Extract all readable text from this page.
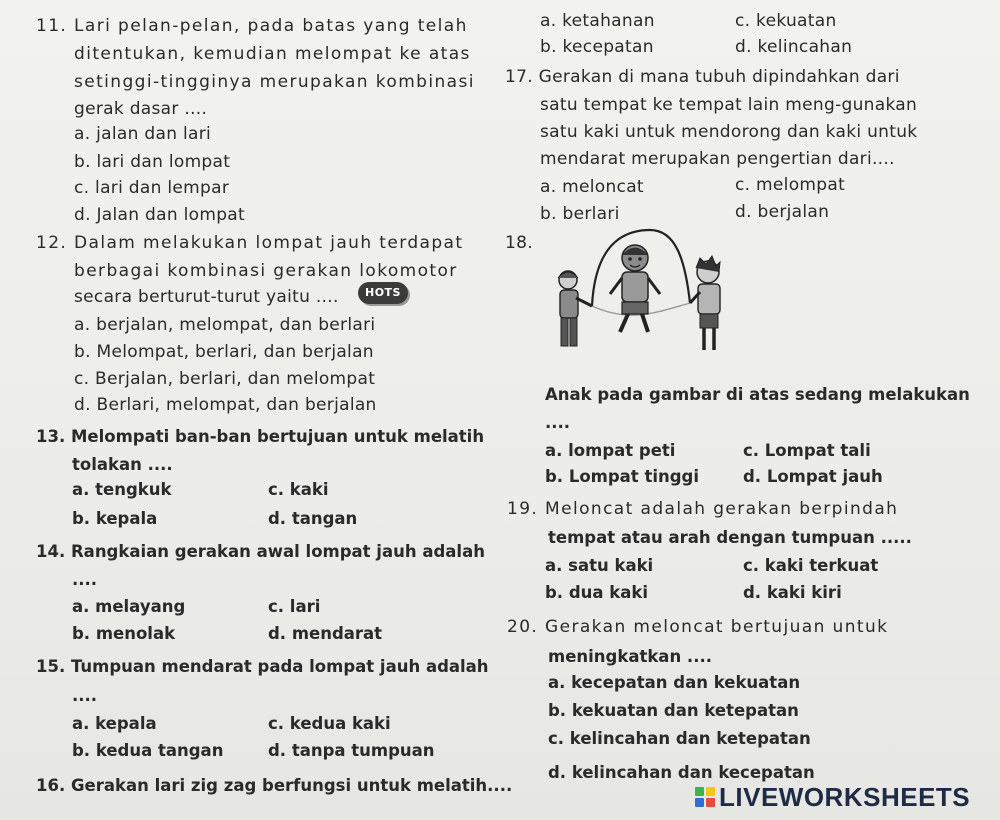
11. Lari pelan-pelan, pada batas yang telah
ditentukan, kemudian melompat ke atas
setinggi-tingginya merupakan kombinasi
gerak dasar ....
a. jalan dan lari
b. lari dan lompat
c. lari dan lempar
d. Jalan dan lompat
12. Dalam melakukan lompat jauh terdapat
berbagai kombinasi gerakan lokomotor
secara berturut-turut yaitu ....	HOTS
a. berjalan, melompat, dan berlari
b. Melompat, berlari, dan berjalan
c. Berjalan, berlari, dan melompat
d. Berlari, melompat, dan berjalan
13. Melompati ban-ban bertujuan untuk melatih
tolakan ....
a. tengkuk	c. kaki
b. kepala	d. tangan
14. Rangkaian gerakan awal lompat jauh adalah
....
a. melayang	c. lari
b. menolak	d. mendarat
15. Tumpuan mendarat pada lompat jauh adalah
....
a. kepala	c. kedua kaki
b. kedua tangan	d. tanpa tumpuan
16. Gerakan lari zig zag berfungsi untuk melatih....
a. ketahanan	c. kekuatan
b. kecepatan	d. kelincahan
17. Gerakan di mana tubuh dipindahkan dari
satu tempat ke tempat lain meng-gunakan
satu kaki untuk mendorong dan kaki untuk
mendarat merupakan pengertian dari....
a. meloncat	c. melompat
b. berlari	d. berjalan
18.
Anak pada gambar di atas sedang melakukan
....
a. lompat peti	c. Lompat tali
b. Lompat tinggi	d. Lompat jauh
19. Meloncat adalah gerakan berpindah
tempat atau arah dengan tumpuan .....
a. satu kaki	c. kaki terkuat
b. dua kaki	d. kaki kiri
20. Gerakan meloncat bertujuan untuk
meningkatkan ....
a. kecepatan dan kekuatan
b. kekuatan dan ketepatan
c. kelincahan dan ketepatan
d. kelincahan dan kecepatan
LIVEWORKSHEETS
